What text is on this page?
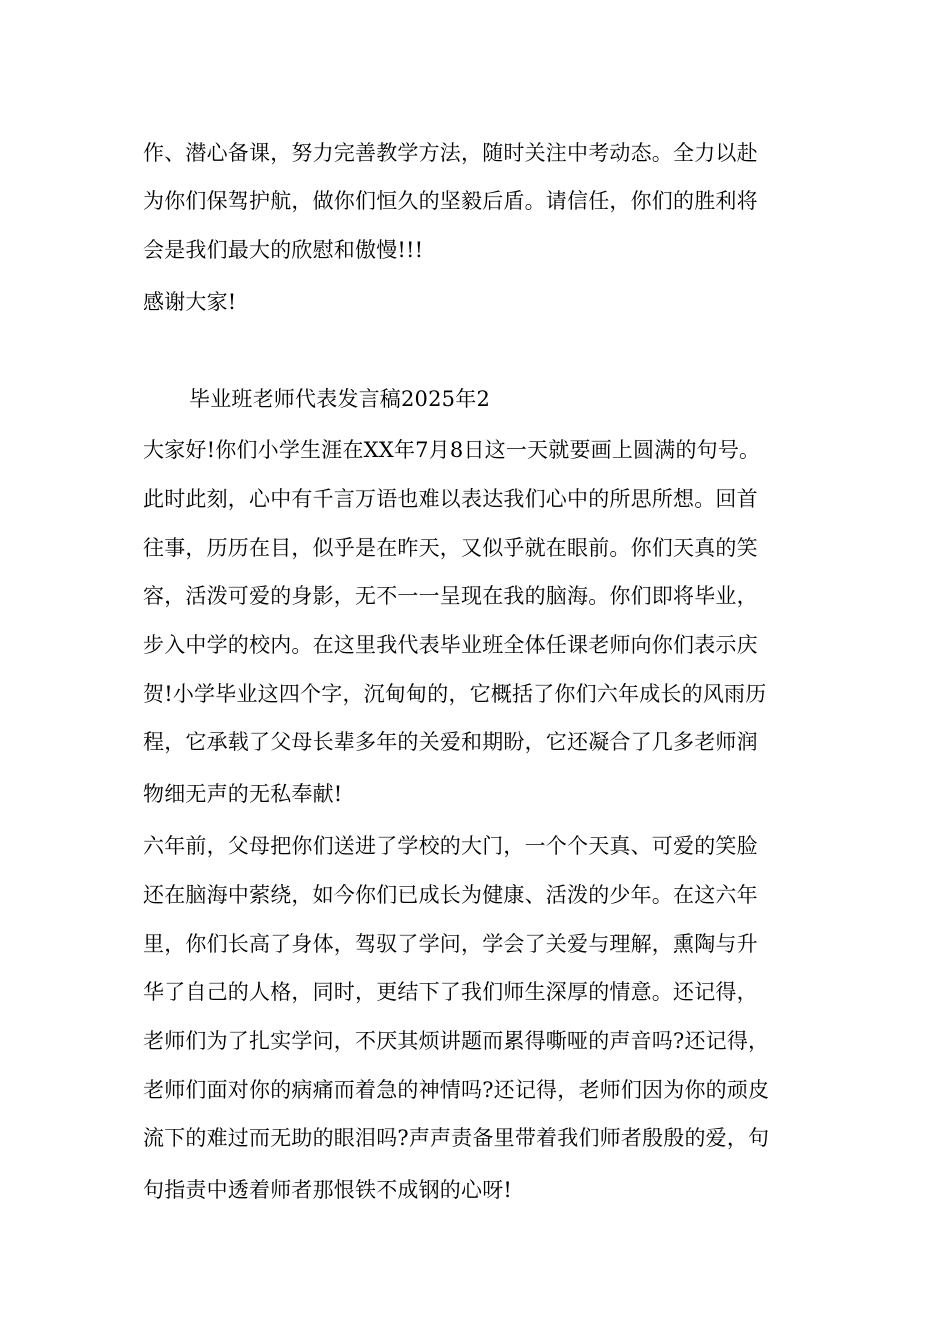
作、潜心备课，努力完善教学方法，随时关注中考动态。全力以赴
为你们保驾护航，做你们恒久的坚毅后盾。请信任，你们的胜利将
会是我们最大的欣慰和傲慢!!!
感谢大家!
毕业班老师代表发言稿2025年2
大家好!你们小学生涯在XX年7月8日这一天就要画上圆满的句号。
此时此刻，心中有千言万语也难以表达我们心中的所思所想。回首
往事，历历在目，似乎是在昨天，又似乎就在眼前。你们天真的笑
容，活泼可爱的身影，无不一一呈现在我的脑海。你们即将毕业，
步入中学的校内。在这里我代表毕业班全体任课老师向你们表示庆
贺!小学毕业这四个字，沉甸甸的，它概括了你们六年成长的风雨历
程，它承载了父母长辈多年的关爱和期盼，它还凝合了几多老师润
物细无声的无私奉献!
六年前，父母把你们送进了学校的大门，一个个天真、可爱的笑脸
还在脑海中萦绕，如今你们已成长为健康、活泼的少年。在这六年
里，你们长高了身体，驾驭了学问，学会了关爱与理解，熏陶与升
华了自己的人格，同时，更结下了我们师生深厚的情意。还记得，
老师们为了扎实学问，不厌其烦讲题而累得嘶哑的声音吗?还记得，
老师们面对你的病痛而着急的神情吗?还记得，老师们因为你的顽皮
流下的难过而无助的眼泪吗?声声责备里带着我们师者殷殷的爱，句
句指责中透着师者那恨铁不成钢的心呀!
